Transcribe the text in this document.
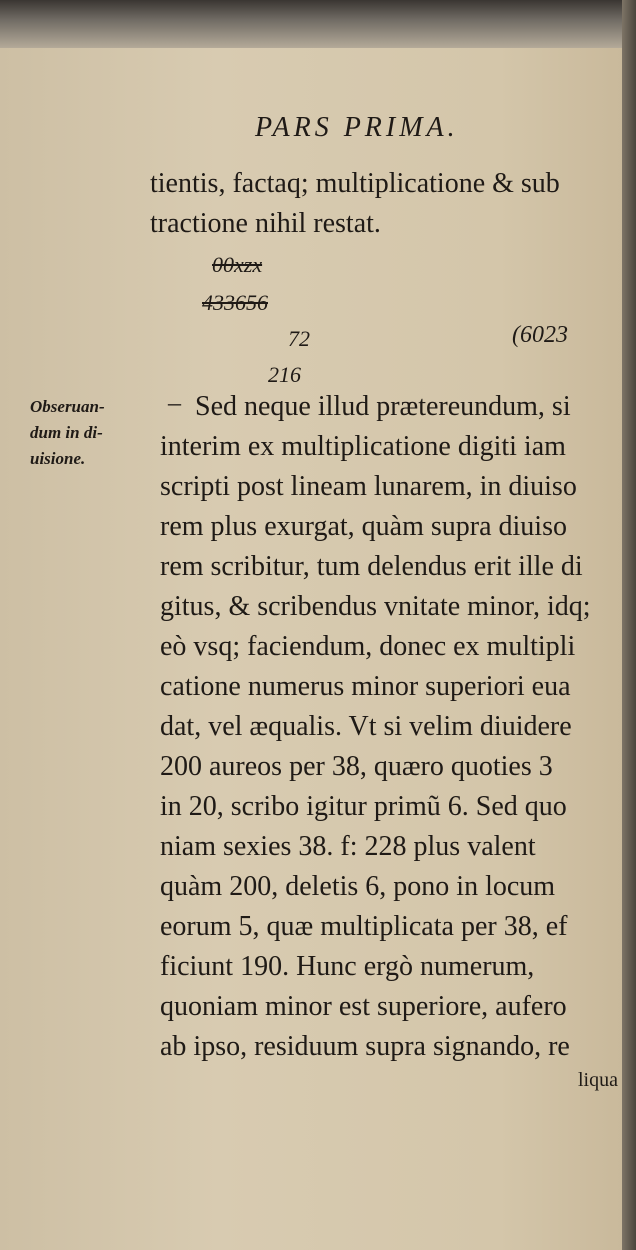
PARS PRIMA.
tientis, factaq; multiplicatione & sub
tractione nihil restat.
00xzx
433656
72
216
(6023
Obseruan-
dum in di-
uisione.
‒ Sed neque illud prætereundum, si
interim ex multiplicatione digiti iam
scripti post lineam lunarem, in diuiso
rem plus exurgat, quàm supra diuiso
rem scribitur, tum delendus erit ille di
gitus, & scribendus vnitate minor, idq;
eò vsq; faciendum, donec ex multipli
catione numerus minor superiori eua
dat, vel æqualis. Vt si velim diuidere
200 aureos per 38, quæro quoties 3
in 20, scribo igitur primũ 6. Sed quo
niam sexies 38. f: 228 plus valent
quàm 200, deletis 6, pono in locum
eorum 5, quæ multiplicata per 38, ef
ficiunt 190. Hunc ergò numerum,
quoniam minor est superiore, aufero
ab ipso, residuum supra signando, re
liqua
